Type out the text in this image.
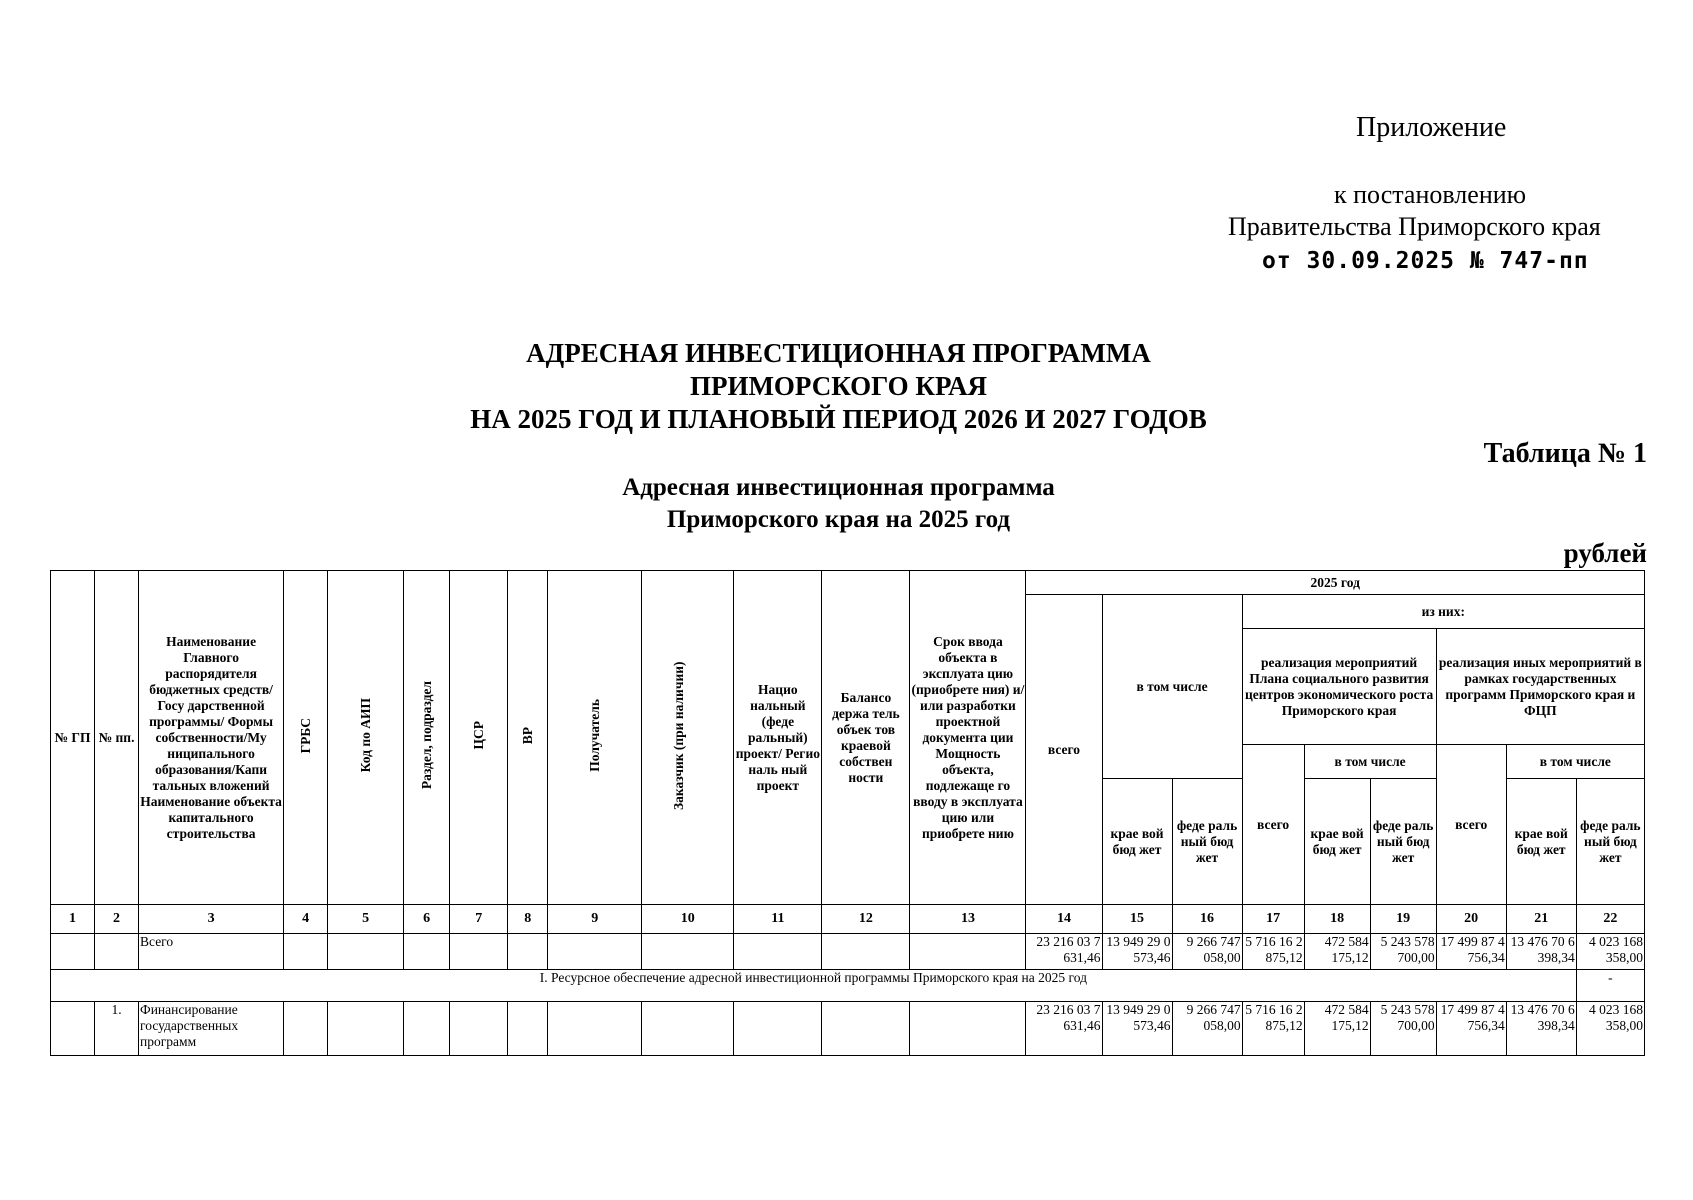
Приложение
к постановлению
Правительства Приморского края
от 30.09.2025 № 747-пп
АДРЕСНАЯ ИНВЕСТИЦИОННАЯ ПРОГРАММА
ПРИМОРСКОГО КРАЯ
НА 2025 ГОД И ПЛАНОВЫЙ ПЕРИОД 2026 И 2027 ГОДОВ
Таблица № 1
Адресная инвестиционная программа
Приморского края на 2025 год
рублей
№ ГП	№ пп.	Наименование Главного распорядителя бюджетных средств/Госу дарственной программы/ Формы собственности/Му ниципального образования/Капи тальных вложений Наименование объекта капитального строительства	ГРБС	Код по АИП	Раздел, подраздел	ЦСР	ВР	Получатель	Заказчик (при наличии)	Нацио нальный (феде ральный) проект/ Регио наль ный проект	Балансо держа тель объек тов краевой собствен ности	Срок ввода объекта в эксплуата цию (приобрете ния) и/или разработки проектной документа ции Мощность объекта, подлежаще го вводу в эксплуата цию или приобрете нию	2025 год								
													всего	в том числе		из них:					
																реализация мероприятий Плана социального развития центров экономического роста Приморского края			реализация иных мероприятий в рамках государственных программ Приморского края и ФЦП		
																всего	в том числе		всего	в том числе	
														крае вой бюд жет	феде раль ный бюд жет		крае вой бюд жет	феде раль ный бюд жет		крае вой бюд жет	феде раль ный бюд жет
1	2	3	4	5	6	7	8	9	10	11	12	13	14	15	16	17	18	19	20	21	22
		Всего											23 216 03 7 631,46	13 949 29 0 573,46	9 266 747 058,00	5 716 16 2 875,12	472 584 175,12	5 243 578 700,00	17 499 87 4 756,34	13 476 70 6 398,34	4 023 168 358,00
I. Ресурсное обеспечение адресной инвестиционной программы Приморского края на 2025 год																					-
	1.	Финансирование государственных программ											23 216 03 7 631,46	13 949 29 0 573,46	9 266 747 058,00	5 716 16 2 875,12	472 584 175,12	5 243 578 700,00	17 499 87 4 756,34	13 476 70 6 398,34	4 023 168 358,00
